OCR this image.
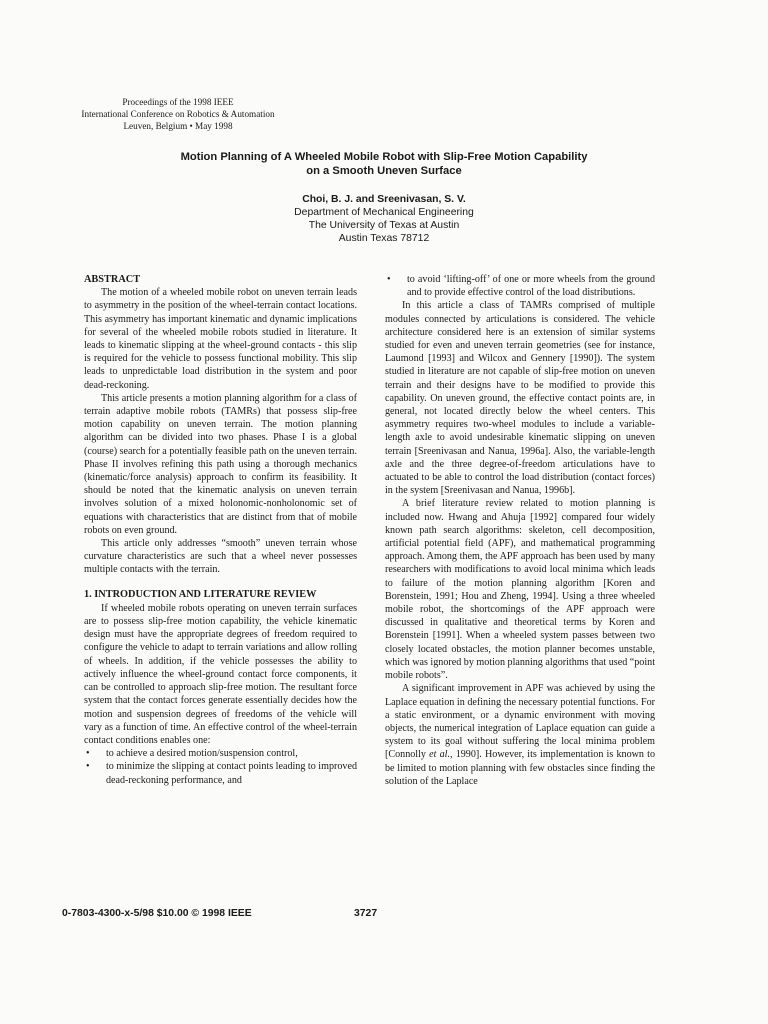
Proceedings of the 1998 IEEE
International Conference on Robotics & Automation
Leuven, Belgium • May 1998
Motion Planning of A Wheeled Mobile Robot with Slip-Free Motion Capability
on a Smooth Uneven Surface
Choi, B. J. and Sreenivasan, S. V.
Department of Mechanical Engineering
The University of Texas at Austin
Austin Texas 78712
ABSTRACT

The motion of a wheeled mobile robot on uneven terrain leads to asymmetry in the position of the wheel-terrain contact locations. This asymmetry has important kinematic and dynamic implications for several of the wheeled mobile robots studied in literature. It leads to kinematic slipping at the wheel-ground contacts - this slip is required for the vehicle to possess functional mobility. This slip leads to unpredictable load distribution in the system and poor dead-reckoning.

This article presents a motion planning algorithm for a class of terrain adaptive mobile robots (TAMRs) that possess slip-free motion capability on uneven terrain. The motion planning algorithm can be divided into two phases. Phase I is a global (course) search for a potentially feasible path on the uneven terrain. Phase II involves refining this path using a thorough mechanics (kinematic/force analysis) approach to confirm its feasibility. It should be noted that the kinematic analysis on uneven terrain involves solution of a mixed holonomic-nonholonomic set of equations with characteristics that are distinct from that of mobile robots on even ground.

This article only addresses “smooth” uneven terrain whose curvature characteristics are such that a wheel never possesses multiple contacts with the terrain.

1. INTRODUCTION AND LITERATURE REVIEW

If wheeled mobile robots operating on uneven terrain surfaces are to possess slip-free motion capability, the vehicle kinematic design must have the appropriate degrees of freedom required to configure the vehicle to adapt to terrain variations and allow rolling of wheels. In addition, if the vehicle possesses the ability to actively influence the wheel-ground contact force components, it can be controlled to approach slip-free motion. The resultant force system that the contact forces generate essentially decides how the motion and suspension degrees of freedoms of the vehicle will vary as a function of time. An effective control of the wheel-terrain contact conditions enables one:

• to achieve a desired motion/suspension control,
• to minimize the slipping at contact points leading to improved dead-reckoning performance, and
• to avoid ‘lifting-off’ of one or more wheels from the ground and to provide effective control of the load distributions.

In this article a class of TAMRs comprised of multiple modules connected by articulations is considered. The vehicle architecture considered here is an extension of similar systems studied for even and uneven terrain geometries (see for instance, Laumond [1993] and Wilcox and Gennery [1990]). The system studied in literature are not capable of slip-free motion on uneven terrain and their designs have to be modified to provide this capability. On uneven ground, the effective contact points are, in general, not located directly below the wheel centers. This asymmetry requires two-wheel modules to include a variable-length axle to avoid undesirable kinematic slipping on uneven terrain [Sreenivasan and Nanua, 1996a]. Also, the variable-length axle and the three degree-of-freedom articulations have to actuated to be able to control the load distribution (contact forces) in the system [Sreenivasan and Nanua, 1996b].

A brief literature review related to motion planning is included now. Hwang and Ahuja [1992] compared four widely known path search algorithms: skeleton, cell decomposition, artificial potential field (APF), and mathematical programming approach. Among them, the APF approach has been used by many researchers with modifications to avoid local minima which leads to failure of the motion planning algorithm [Koren and Borenstein, 1991; Hou and Zheng, 1994]. Using a three wheeled mobile robot, the shortcomings of the APF approach were discussed in qualitative and theoretical terms by Koren and Borenstein [1991]. When a wheeled system passes between two closely located obstacles, the motion planner becomes unstable, which was ignored by motion planning algorithms that used “point mobile robots”.

A significant improvement in APF was achieved by using the Laplace equation in defining the necessary potential functions. For a static environment, or a dynamic environment with moving objects, the numerical integration of Laplace equation can guide a system to its goal without suffering the local minima problem [Connolly et al., 1990]. However, its implementation is known to be limited to motion planning with few obstacles since finding the solution of the Laplace

0-7803-4300-x-5/98 $10.00 © 1998 IEEE	3727
